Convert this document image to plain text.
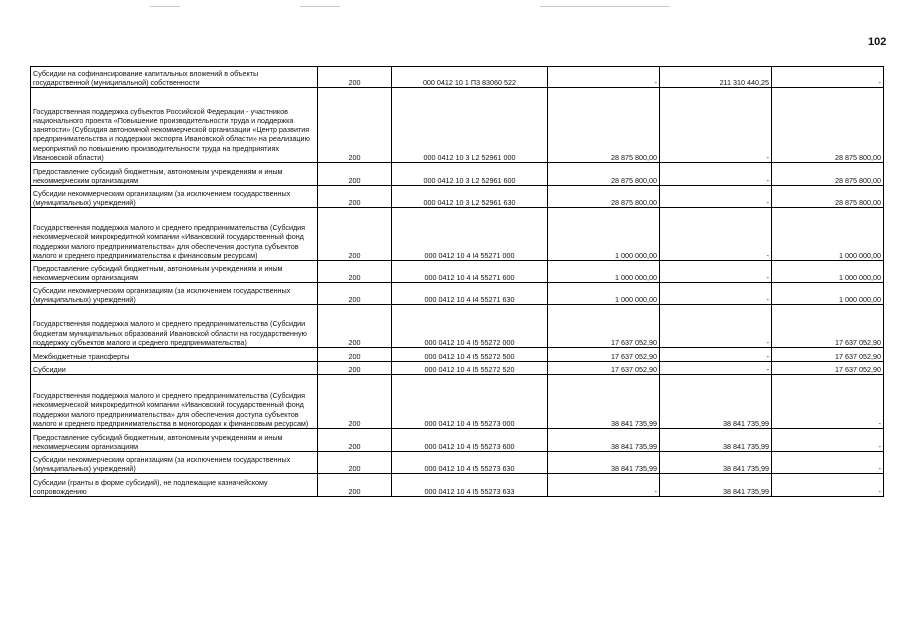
102
Субсидии на софинансирование капитальных вложений в объекты государственной (муниципальной) собственности	200	000 0412 10 1 П3 83060 522	-	211 310 440,25	-
Государственная поддержка субъектов Российской Федерации - участников национального проекта «Повышение производительности труда и поддержка занятости» (Субсидия автономной некоммерческой организации «Центр развития предпринимательства и поддержки экспорта Ивановской области» на реализацию мероприятий по повышению производительности труда на предприятиях Ивановской области)	200	000 0412 10 3 L2 52961 000	28 875 800,00	-	28 875 800,00
Предоставление субсидий бюджетным, автономным учреждениям и иным некоммерческим организациям	200	000 0412 10 3 L2 52961 600	28 875 800,00	-	28 875 800,00
Субсидии некоммерческим организациям (за исключением государственных (муниципальных) учреждений)	200	000 0412 10 3 L2 52961 630	28 875 800,00	-	28 875 800,00
Государственная поддержка малого и среднего предпринимательства (Субсидия некоммерческой микрокредитной компании «Ивановский государственный фонд поддержки малого предпринимательства» для обеспечения доступа субъектов малого и среднего предпринимательства к финансовым ресурсам)	200	000 0412 10 4 I4 55271 000	1 000 000,00	-	1 000 000,00
Предоставление субсидий бюджетным, автономным учреждениям и иным некоммерческим организациям	200	000 0412 10 4 I4 55271 600	1 000 000,00	-	1 000 000,00
Субсидии некоммерческим организациям (за исключением государственных (муниципальных) учреждений)	200	000 0412 10 4 I4 55271 630	1 000 000,00	-	1 000 000,00
Государственная поддержка малого и среднего предпринимательства (Субсидии бюджетам муниципальных образований Ивановской области на государственную поддержку субъектов малого и среднего предпринимательства)	200	000 0412 10 4 I5 55272 000	17 637 052,90	-	17 637 052,90
Межбюджетные трансферты	200	000 0412 10 4 I5 55272 500	17 637 052,90	-	17 637 052,90
Субсидии	200	000 0412 10 4 I5 55272 520	17 637 052,90	-	17 637 052,90
Государственная поддержка малого и среднего предпринимательства (Субсидия некоммерческой микрокредитной компании «Ивановский государственный фонд поддержки малого предпринимательства» для обеспечения доступа субъектов малого и среднего предпринимательства в моногородах к финансовым ресурсам)	200	000 0412 10 4 I5 55273 000	38 841 735,99	38 841 735,99	-
Предоставление субсидий бюджетным, автономным учреждениям и иным некоммерческим организациям	200	000 0412 10 4 I5 55273 600	38 841 735,99	38 841 735,99	-
Субсидии некоммерческим организациям (за исключением государственных (муниципальных) учреждений)	200	000 0412 10 4 I5 55273 630	38 841 735,99	38 841 735,99	-
Субсидии (гранты в форме субсидий), не подлежащие казначейскому сопровождению	200	000 0412 10 4 I5 55273 633	-	38 841 735,99	-
